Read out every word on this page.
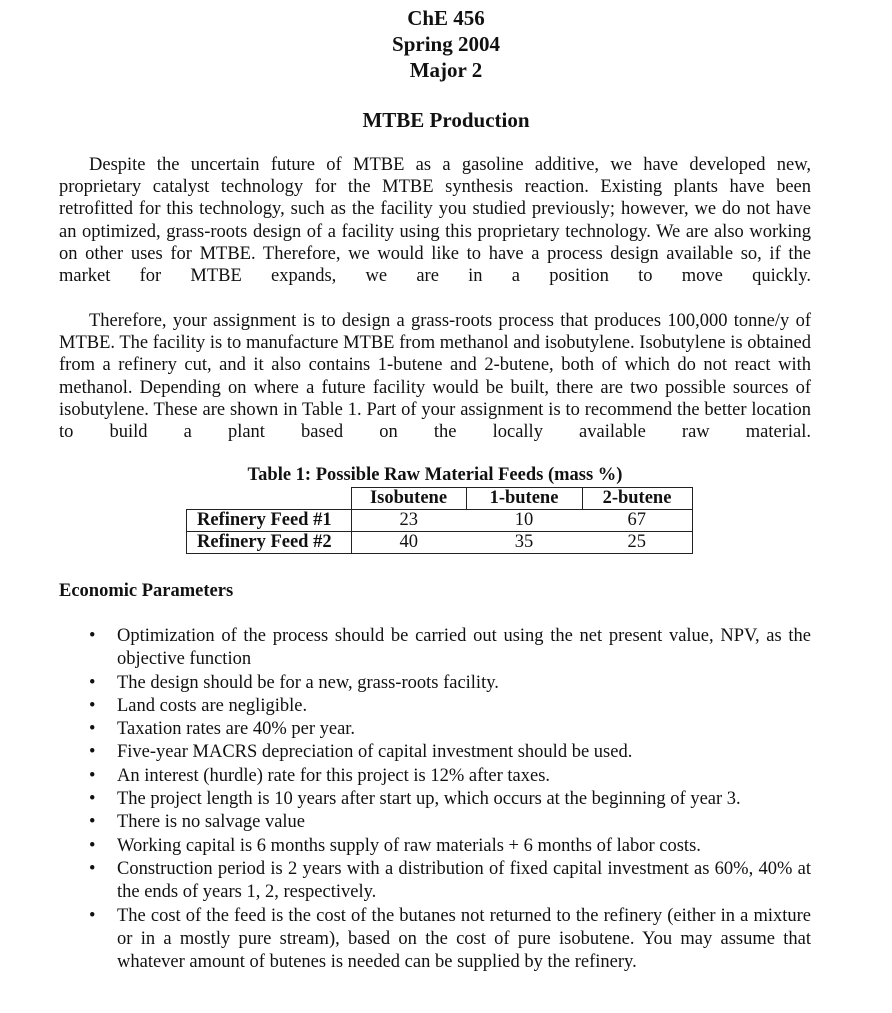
ChE 456
Spring 2004
Major 2
MTBE Production

Despite the uncertain future of MTBE as a gasoline additive, we have developed new, proprietary catalyst technology for the MTBE synthesis reaction. Existing plants have been retrofitted for this technology, such as the facility you studied previously; however, we do not have an optimized, grass-roots design of a facility using this proprietary technology. We are also working on other uses for MTBE. Therefore, we would like to have a process design available so, if the market for MTBE expands, we are in a position to move quickly.

Therefore, your assignment is to design a grass-roots process that produces 100,000 tonne/y of MTBE. The facility is to manufacture MTBE from methanol and isobutylene. Isobutylene is obtained from a refinery cut, and it also contains 1-butene and 2-butene, both of which do not react with methanol. Depending on where a future facility would be built, there are two possible sources of isobutylene. These are shown in Table 1. Part of your assignment is to recommend the better location to build a plant based on the locally available raw material.

Table 1: Possible Raw Material Feeds (mass %)
	Isobutene	1-butene	2-butene
Refinery Feed #1	23	10	67
Refinery Feed #2	40	35	25
Economic Parameters
• Optimization of the process should be carried out using the net present value, NPV, as the objective function
• The design should be for a new, grass-roots facility.
• Land costs are negligible.
• Taxation rates are 40% per year.
• Five-year MACRS depreciation of capital investment should be used.
• An interest (hurdle) rate for this project is 12% after taxes.
• The project length is 10 years after start up, which occurs at the beginning of year 3.
• There is no salvage value
• Working capital is 6 months supply of raw materials + 6 months of labor costs.
• Construction period is 2 years with a distribution of fixed capital investment as 60%, 40% at the ends of years 1, 2, respectively.
• The cost of the feed is the cost of the butanes not returned to the refinery (either in a mixture or in a mostly pure stream), based on the cost of pure isobutene. You may assume that whatever amount of butenes is needed can be supplied by the refinery.
